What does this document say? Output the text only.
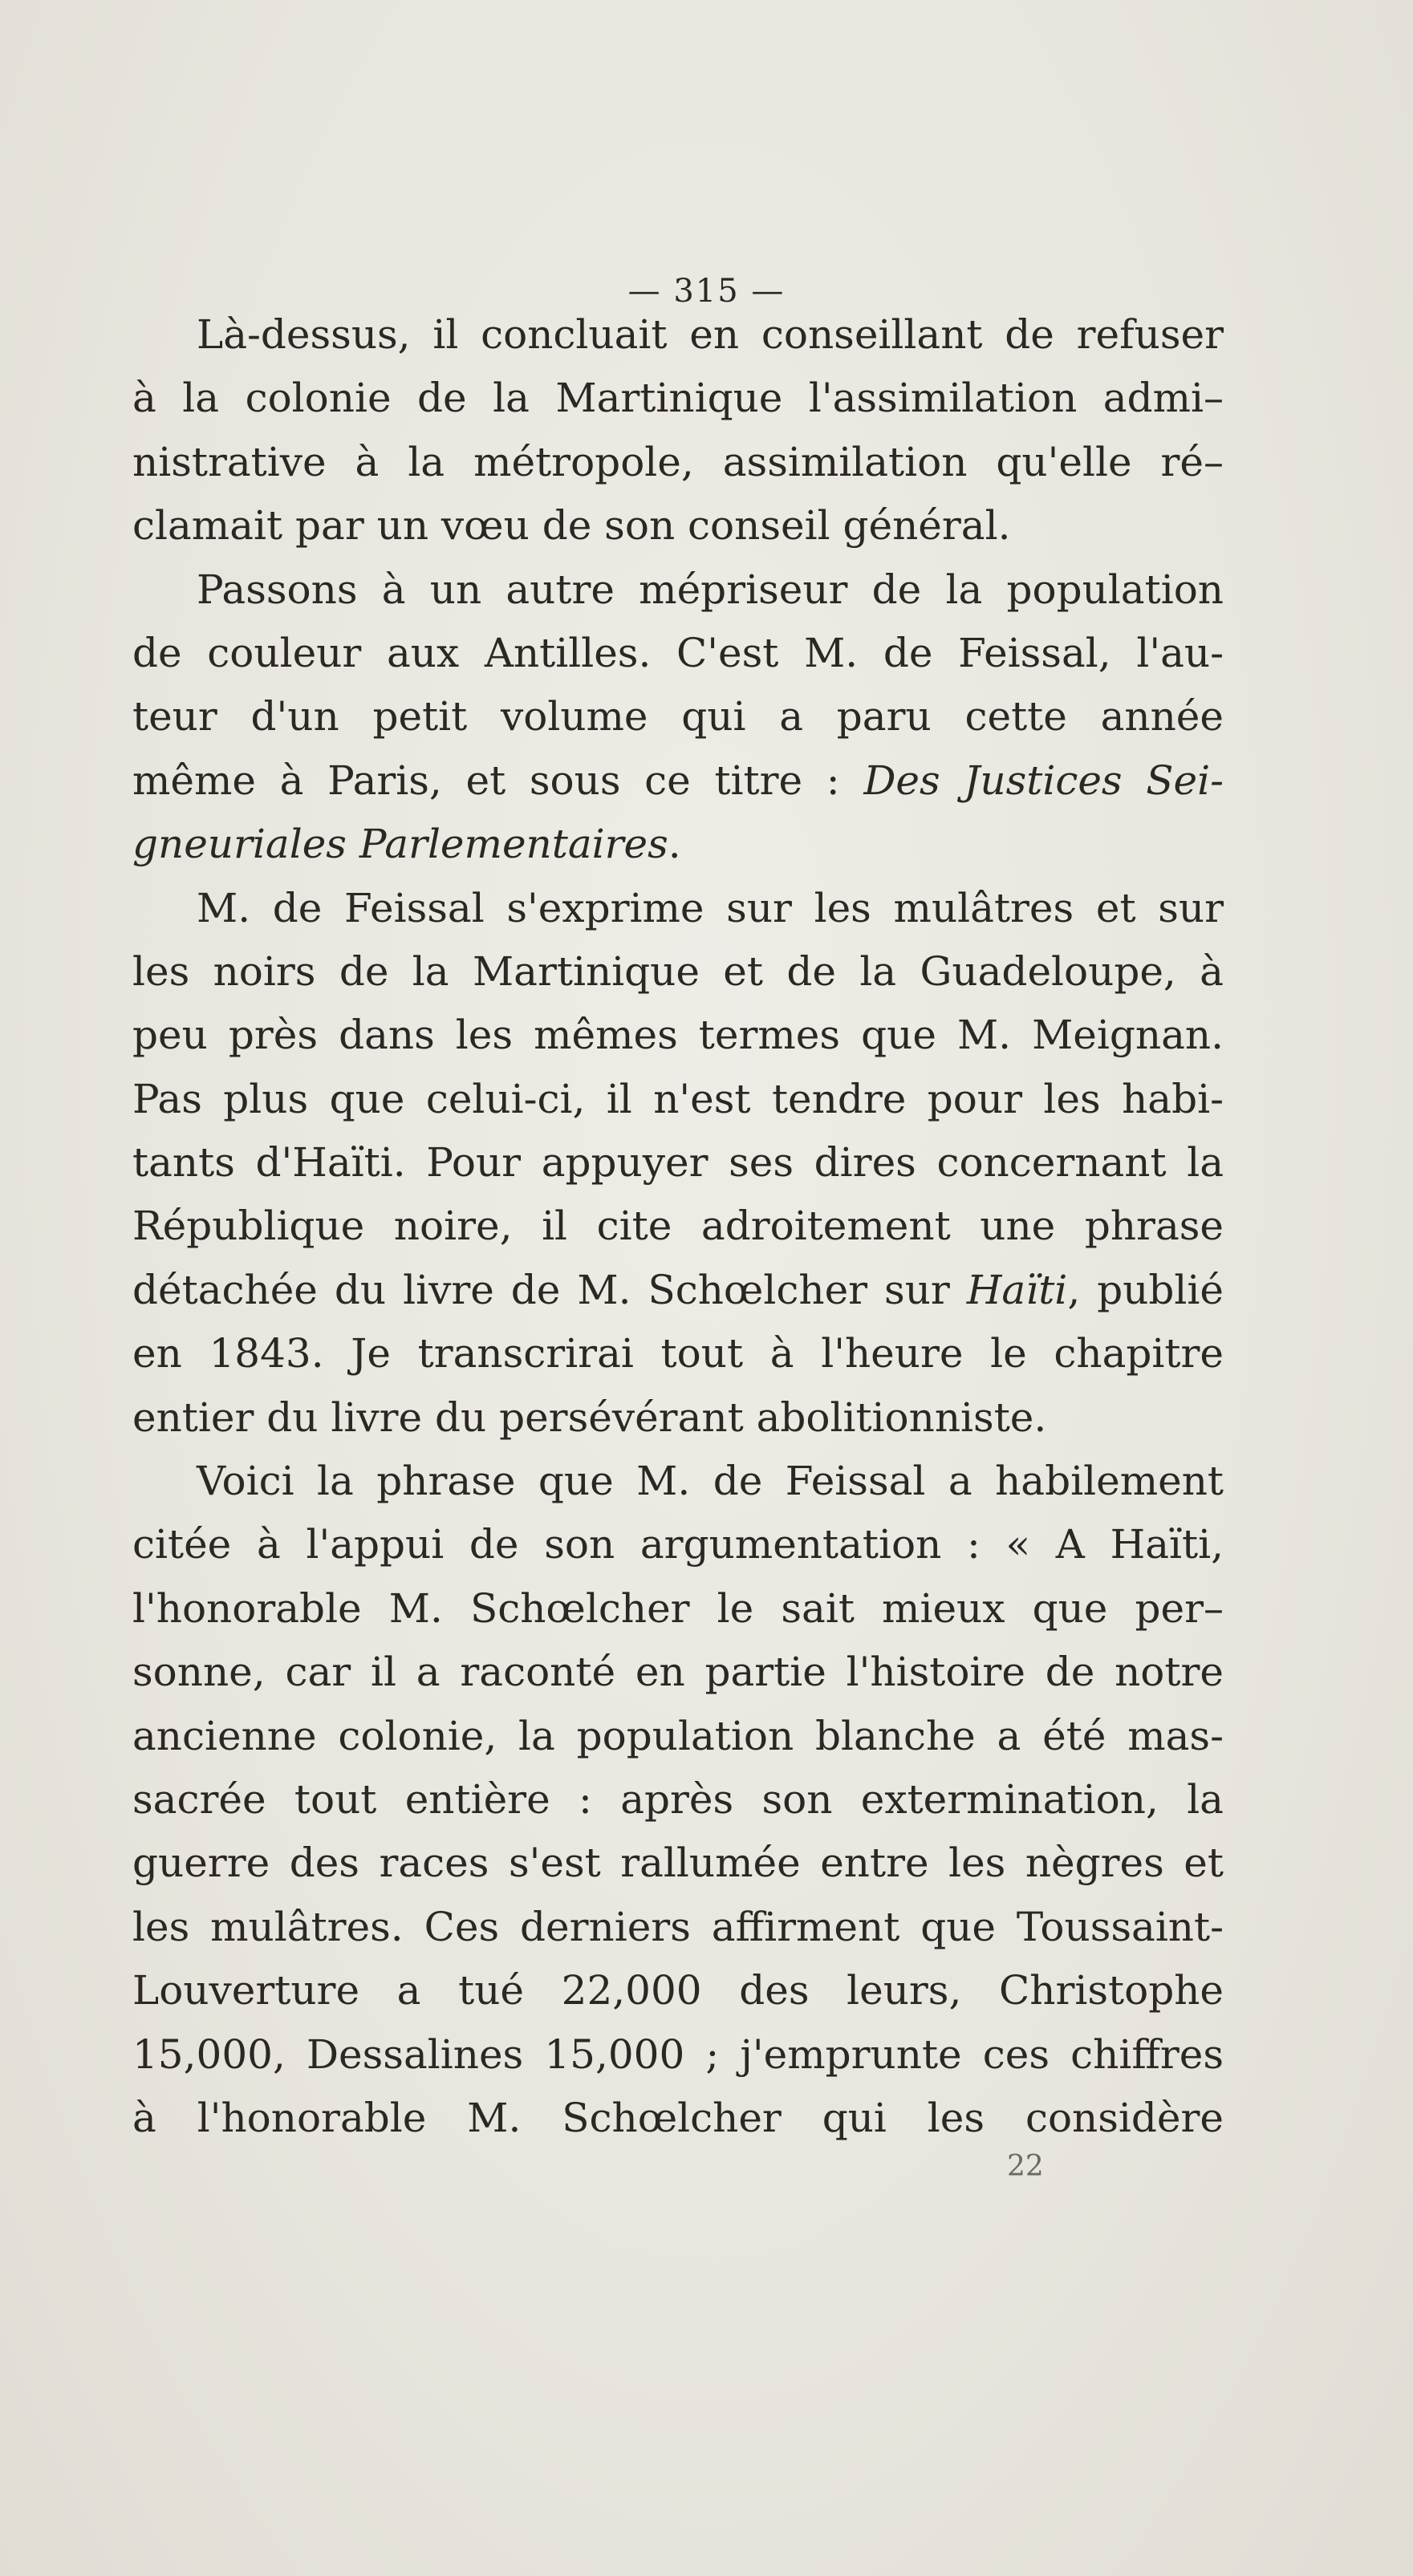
— 315 —
Là-dessus, il concluait en conseillant de refuser
à la colonie de la Martinique l'assimilation admi–
nistrative à la métropole, assimilation qu'elle ré–
clamait par un vœu de son conseil général.
Passons à un autre mépriseur de la population
de couleur aux Antilles. C'est M. de Feissal, l'au-
teur d'un petit volume qui a paru cette année
même à Paris, et sous ce titre : Des Justices Sei-
gneuriales Parlementaires.
M. de Feissal s'exprime sur les mulâtres et sur
les noirs de la Martinique et de la Guadeloupe, à
peu près dans les mêmes termes que M. Meignan.
Pas plus que celui-ci, il n'est tendre pour les habi-
tants d'Haïti. Pour appuyer ses dires concernant la
République noire, il cite adroitement une phrase
détachée du livre de M. Schœlcher sur Haïti, publié
en 1843. Je transcrirai tout à l'heure le chapitre
entier du livre du persévérant abolitionniste.
Voici la phrase que M. de Feissal a habilement
citée à l'appui de son argumentation : « A Haïti,
l'honorable M. Schœlcher le sait mieux que per–
sonne, car il a raconté en partie l'histoire de notre
ancienne colonie, la population blanche a été mas-
sacrée tout entière : après son extermination, la
guerre des races s'est rallumée entre les nègres et
les mulâtres. Ces derniers affirment que Toussaint-
Louverture a tué 22,000 des leurs, Christophe
15,000, Dessalines 15,000 ; j'emprunte ces chiffres
à l'honorable M. Schœlcher qui les considère
22
